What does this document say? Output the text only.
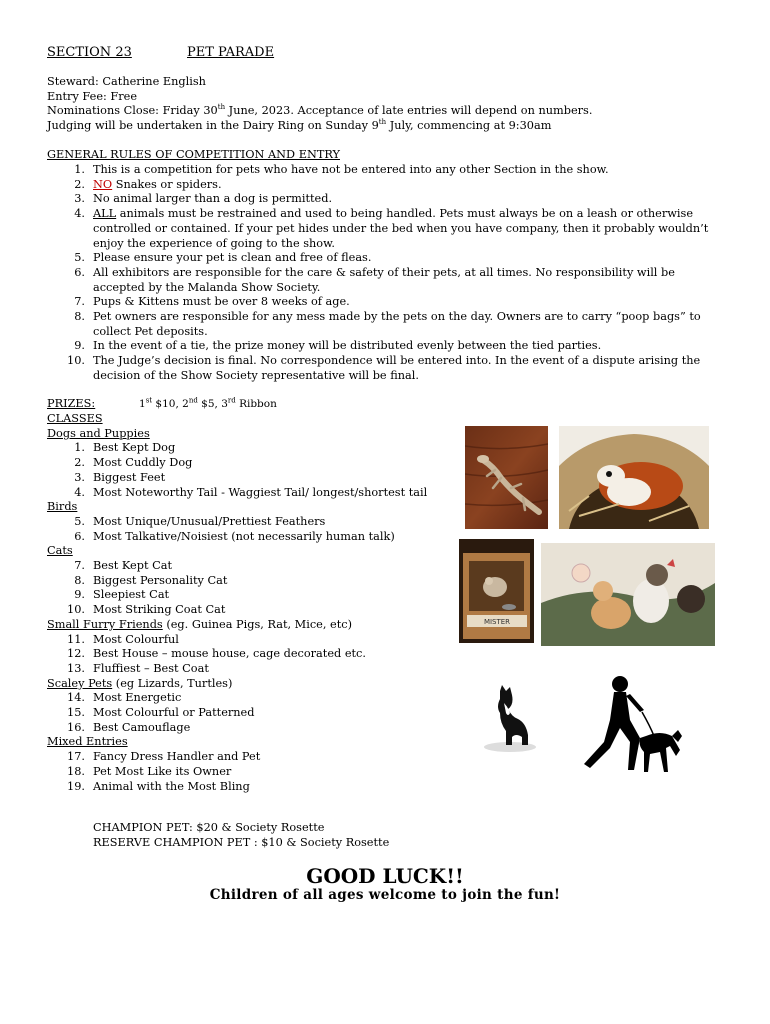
SECTION 23	PET PARADE
Steward: Catherine English
Entry Fee: Free
Nominations Close: Friday 30th June, 2023. Acceptance of late entries will depend on numbers.
Judging will be undertaken in the Dairy Ring on Sunday 9th July, commencing at 9:30am
GENERAL RULES OF COMPETITION AND ENTRY
1. This is a competition for pets who have not be entered into any other Section in the show.
2. NO Snakes or spiders.
3. No animal larger than a dog is permitted.
4. ALL animals must be restrained and used to being handled. Pets must always be on a leash or otherwise controlled or contained. If your pet hides under the bed when you have company, then it probably wouldn’t enjoy the experience of going to the show.
5. Please ensure your pet is clean and free of fleas.
6. All exhibitors are responsible for the care & safety of their pets, at all times. No responsibility will be accepted by the Malanda Show Society.
7. Pups & Kittens must be over 8 weeks of age.
8. Pet owners are responsible for any mess made by the pets on the day. Owners are to carry “poop bags” to collect Pet deposits.
9. In the event of a tie, the prize money will be distributed evenly between the tied parties.
10. The Judge’s decision is final. No correspondence will be entered into. In the event of a dispute arising the decision of the Show Society representative will be final.
PRIZES:	1st $10, 2nd $5, 3rd Ribbon
CLASSES
Dogs and Puppies
1. Best Kept Dog
2. Most Cuddly Dog
3. Biggest Feet
4. Most Noteworthy Tail - Waggiest Tail/ longest/shortest tail
Birds
5. Most Unique/Unusual/Prettiest Feathers
6. Most Talkative/Noisiest (not necessarily human talk)
Cats
7. Best Kept Cat
8. Biggest Personality Cat
9. Sleepiest Cat
10. Most Striking Coat Cat
Small Furry Friends (eg. Guinea Pigs, Rat, Mice, etc)
11. Most Colourful
12. Best House – mouse house, cage decorated etc.
13. Fluffiest – Best Coat
Scaley Pets (eg Lizards, Turtles)
14. Most Energetic
15. Most Colourful or Patterned
16. Best Camouflage
Mixed Entries
17. Fancy Dress Handler and Pet
18. Pet Most Like its Owner
19. Animal with the Most Bling
CHAMPION PET: $20 & Society Rosette
RESERVE CHAMPION PET : $10 & Society Rosette
GOOD LUCK!!
Children of all ages welcome to join the fun!
MISTER
